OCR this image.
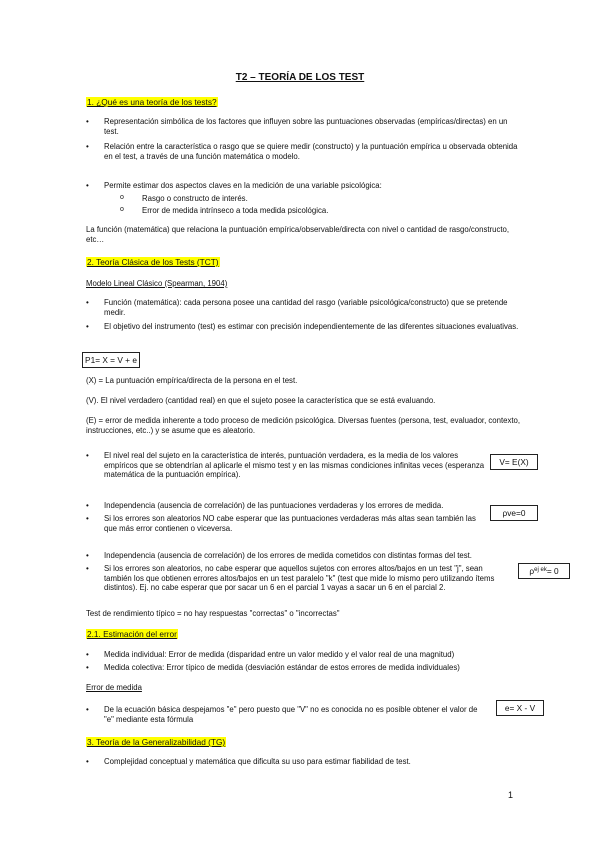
T2 – TEORÍA DE LOS TEST
1. ¿Qué es una teoría de los tests?
• Representación simbólica de los factores que influyen sobre las puntuaciones observadas (empíricas/directas) en un test.
• Relación entre la característica o rasgo que se quiere medir (constructo) y la puntuación empírica u observada obtenida en el test, a través de una función matemática o modelo.
• Permite estimar dos aspectos claves en la medición de una variable psicológica:
o Rasgo o constructo de interés.
o Error de medida intrínseco a toda medida psicológica.
La función (matemática) que relaciona la puntuación empírica/observable/directa con nivel o cantidad de rasgo/constructo, etc…
2. Teoría Clásica de los Tests (TCT)
Modelo Lineal Clásico (Spearman, 1904)
• Función (matemática): cada persona posee una cantidad del rasgo (variable psicológica/constructo) que se pretende medir.
• El objetivo del instrumento (test) es estimar con precisión independientemente de las diferentes situaciones evaluativas.
P1= X = V + e
(X) = La puntuación empírica/directa de la persona en el test.
(V). El nivel verdadero (cantidad real) en que el sujeto posee la característica que se está evaluando.
(E) = error de medida inherente a todo proceso de medición psicológica. Diversas fuentes (persona, test, evaluador, contexto, instrucciones, etc..) y se asume que es aleatorio.
• El nivel real del sujeto en la característica de interés, puntuación verdadera, es la media de los valores empíricos que se obtendrían al aplicarle el mismo test y en las mismas condiciones infinitas veces (esperanza matemática de la puntuación empírica).
V= E(X)
• Independencia (ausencia de correlación) de las puntuaciones verdaderas y los errores de medida.
• Si los errores son aleatorios NO cabe esperar que las puntuaciones verdaderas más altas sean también las que más error contienen o viceversa.
ρve =0
• Independencia (ausencia de correlación) de los errores de medida cometidos con distintas formas del test.
• Si los errores son aleatorios, no cabe esperar que aquellos sujetos con errores altos/bajos en un test "j", sean también los que obtienen errores altos/bajos en un test paralelo "k" (test que mide lo mismo pero utilizando ítems distintos). Ej. no cabe esperar que por sacar un 6 en el parcial 1 vayas a sacar un 6 en el parcial 2.
ρ ej ek = 0
Test de rendimiento típico = no hay respuestas "correctas" o "incorrectas"
2.1. Estimación del error
• Medida individual: Error de medida (disparidad entre un valor medido y el valor real de una magnitud)
• Medida colectiva: Error típico de medida (desviación estándar de estos errores de medida individuales)
Error de medida
• De la ecuación básica despejamos "e" pero puesto que "V" no es conocida no es posible obtener el valor de "e" mediante esta fórmula
e= X - V
3. Teoría de la Generalizabilidad (TG)
• Complejidad conceptual y matemática que dificulta su uso para estimar fiabilidad de test.
1
